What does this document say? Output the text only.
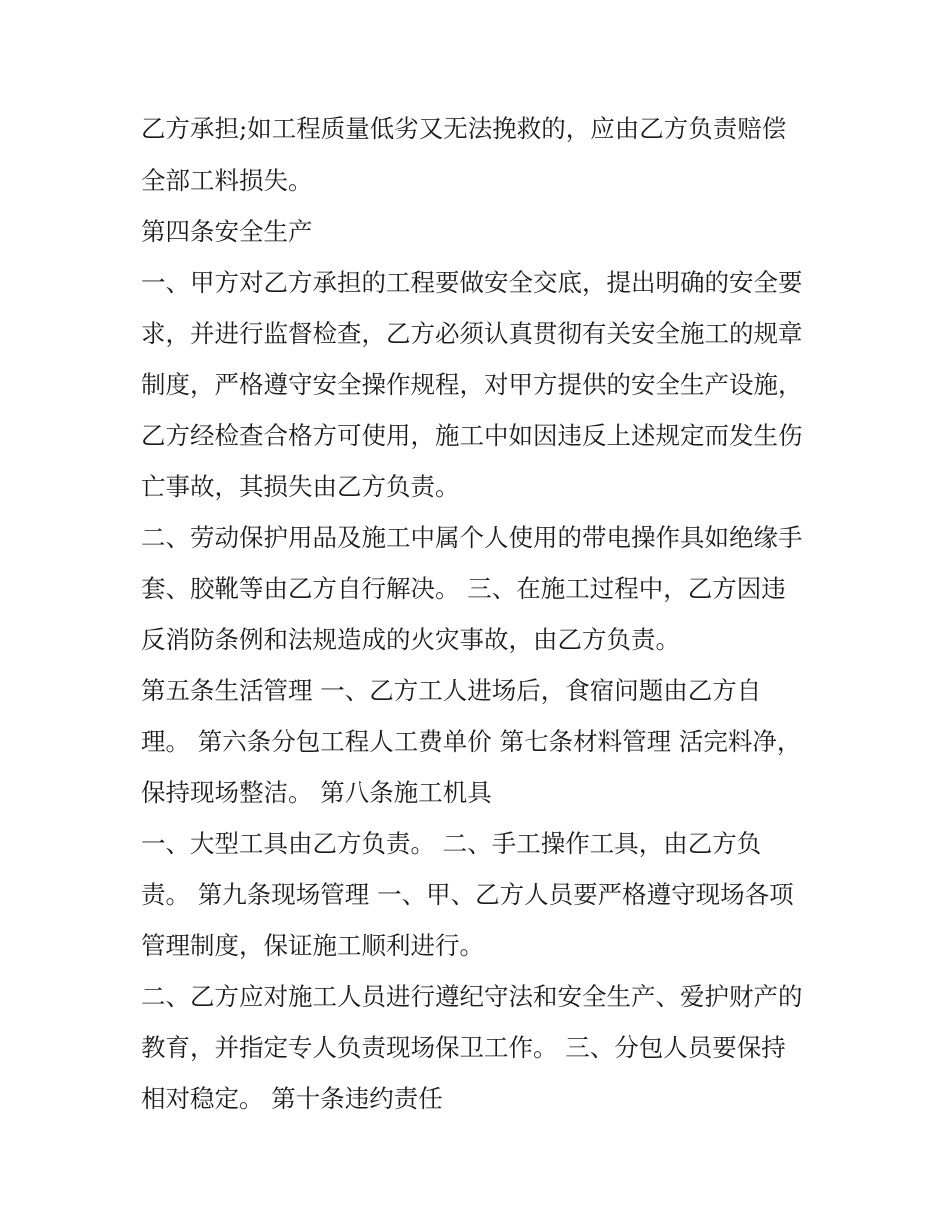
乙方承担;如工程质量低劣又无法挽救的，应由乙方负责赔偿
全部工料损失。
第四条安全生产
一、甲方对乙方承担的工程要做安全交底，提出明确的安全要
求，并进行监督检查，乙方必须认真贯彻有关安全施工的规章
制度，严格遵守安全操作规程，对甲方提供的安全生产设施，
乙方经检查合格方可使用，施工中如因违反上述规定而发生伤
亡事故，其损失由乙方负责。
二、劳动保护用品及施工中属个人使用的带电操作具如绝缘手
套、胶靴等由乙方自行解决。 三、在施工过程中，乙方因违
反消防条例和法规造成的火灾事故，由乙方负责。
第五条生活管理 一、乙方工人进场后，食宿问题由乙方自
理。 第六条分包工程人工费单价 第七条材料管理 活完料净，
保持现场整洁。 第八条施工机具
一、大型工具由乙方负责。 二、手工操作工具，由乙方负
责。 第九条现场管理 一、甲、乙方人员要严格遵守现场各项
管理制度，保证施工顺利进行。
二、乙方应对施工人员进行遵纪守法和安全生产、爱护财产的
教育，并指定专人负责现场保卫工作。 三、分包人员要保持
相对稳定。 第十条违约责任
